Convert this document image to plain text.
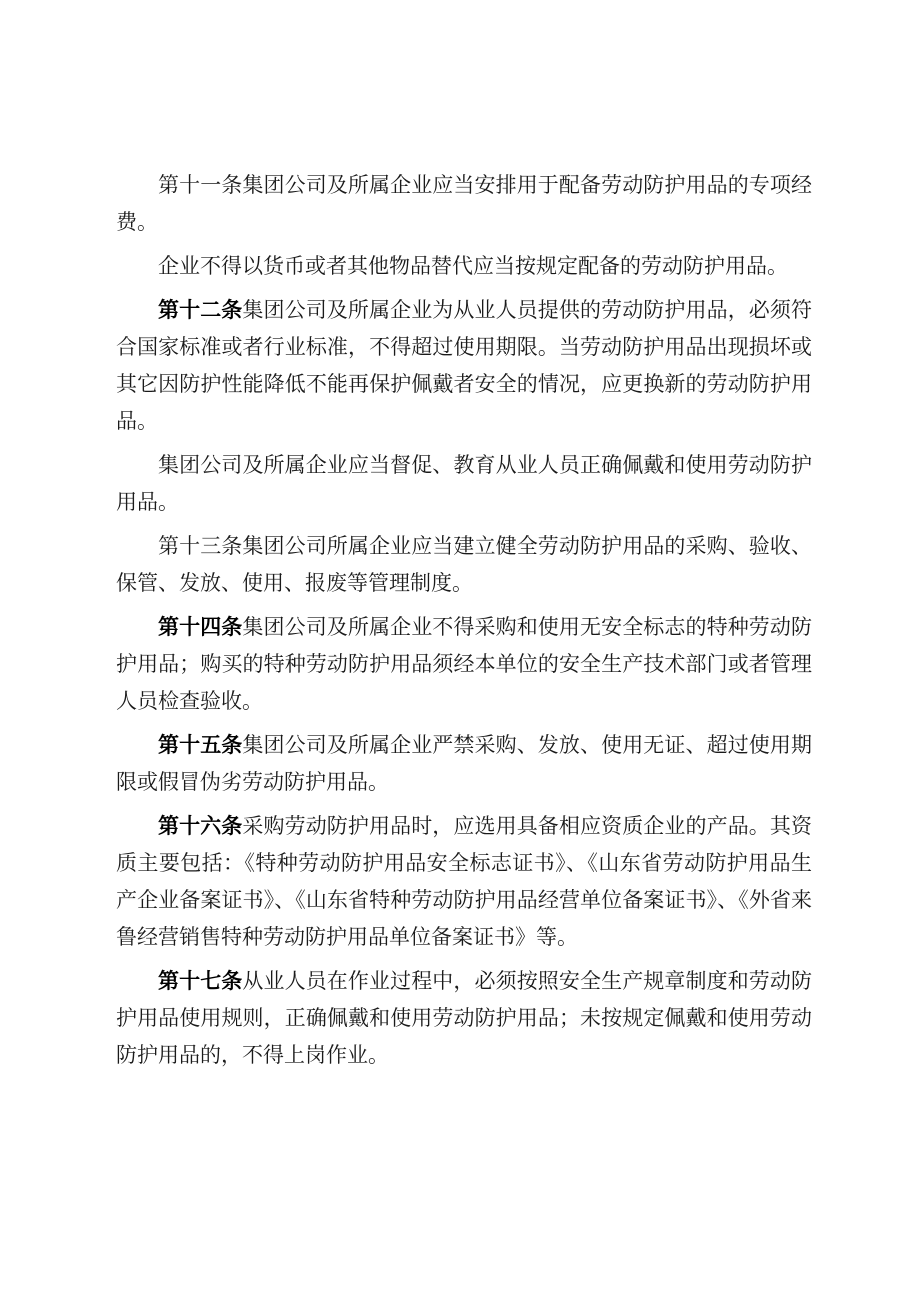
第十一条集团公司及所属企业应当安排用于配备劳动防护用品的专项经费。

企业不得以货币或者其他物品替代应当按规定配备的劳动防护用品。

第十二条集团公司及所属企业为从业人员提供的劳动防护用品，必须符合国家标准或者行业标准，不得超过使用期限。当劳动防护用品出现损坏或其它因防护性能降低不能再保护佩戴者安全的情况，应更换新的劳动防护用品。

集团公司及所属企业应当督促、教育从业人员正确佩戴和使用劳动防护用品。

第十三条集团公司所属企业应当建立健全劳动防护用品的采购、验收、保管、发放、使用、报废等管理制度。

第十四条集团公司及所属企业不得采购和使用无安全标志的特种劳动防护用品；购买的特种劳动防护用品须经本单位的安全生产技术部门或者管理人员检查验收。

第十五条集团公司及所属企业严禁采购、发放、使用无证、超过使用期限或假冒伪劣劳动防护用品。

第十六条采购劳动防护用品时，应选用具备相应资质企业的产品。其资质主要包括：《特种劳动防护用品安全标志证书》、《山东省劳动防护用品生产企业备案证书》、《山东省特种劳动防护用品经营单位备案证书》、《外省来鲁经营销售特种劳动防护用品单位备案证书》等。

第十七条从业人员在作业过程中，必须按照安全生产规章制度和劳动防护用品使用规则，正确佩戴和使用劳动防护用品；未按规定佩戴和使用劳动防护用品的，不得上岗作业。
